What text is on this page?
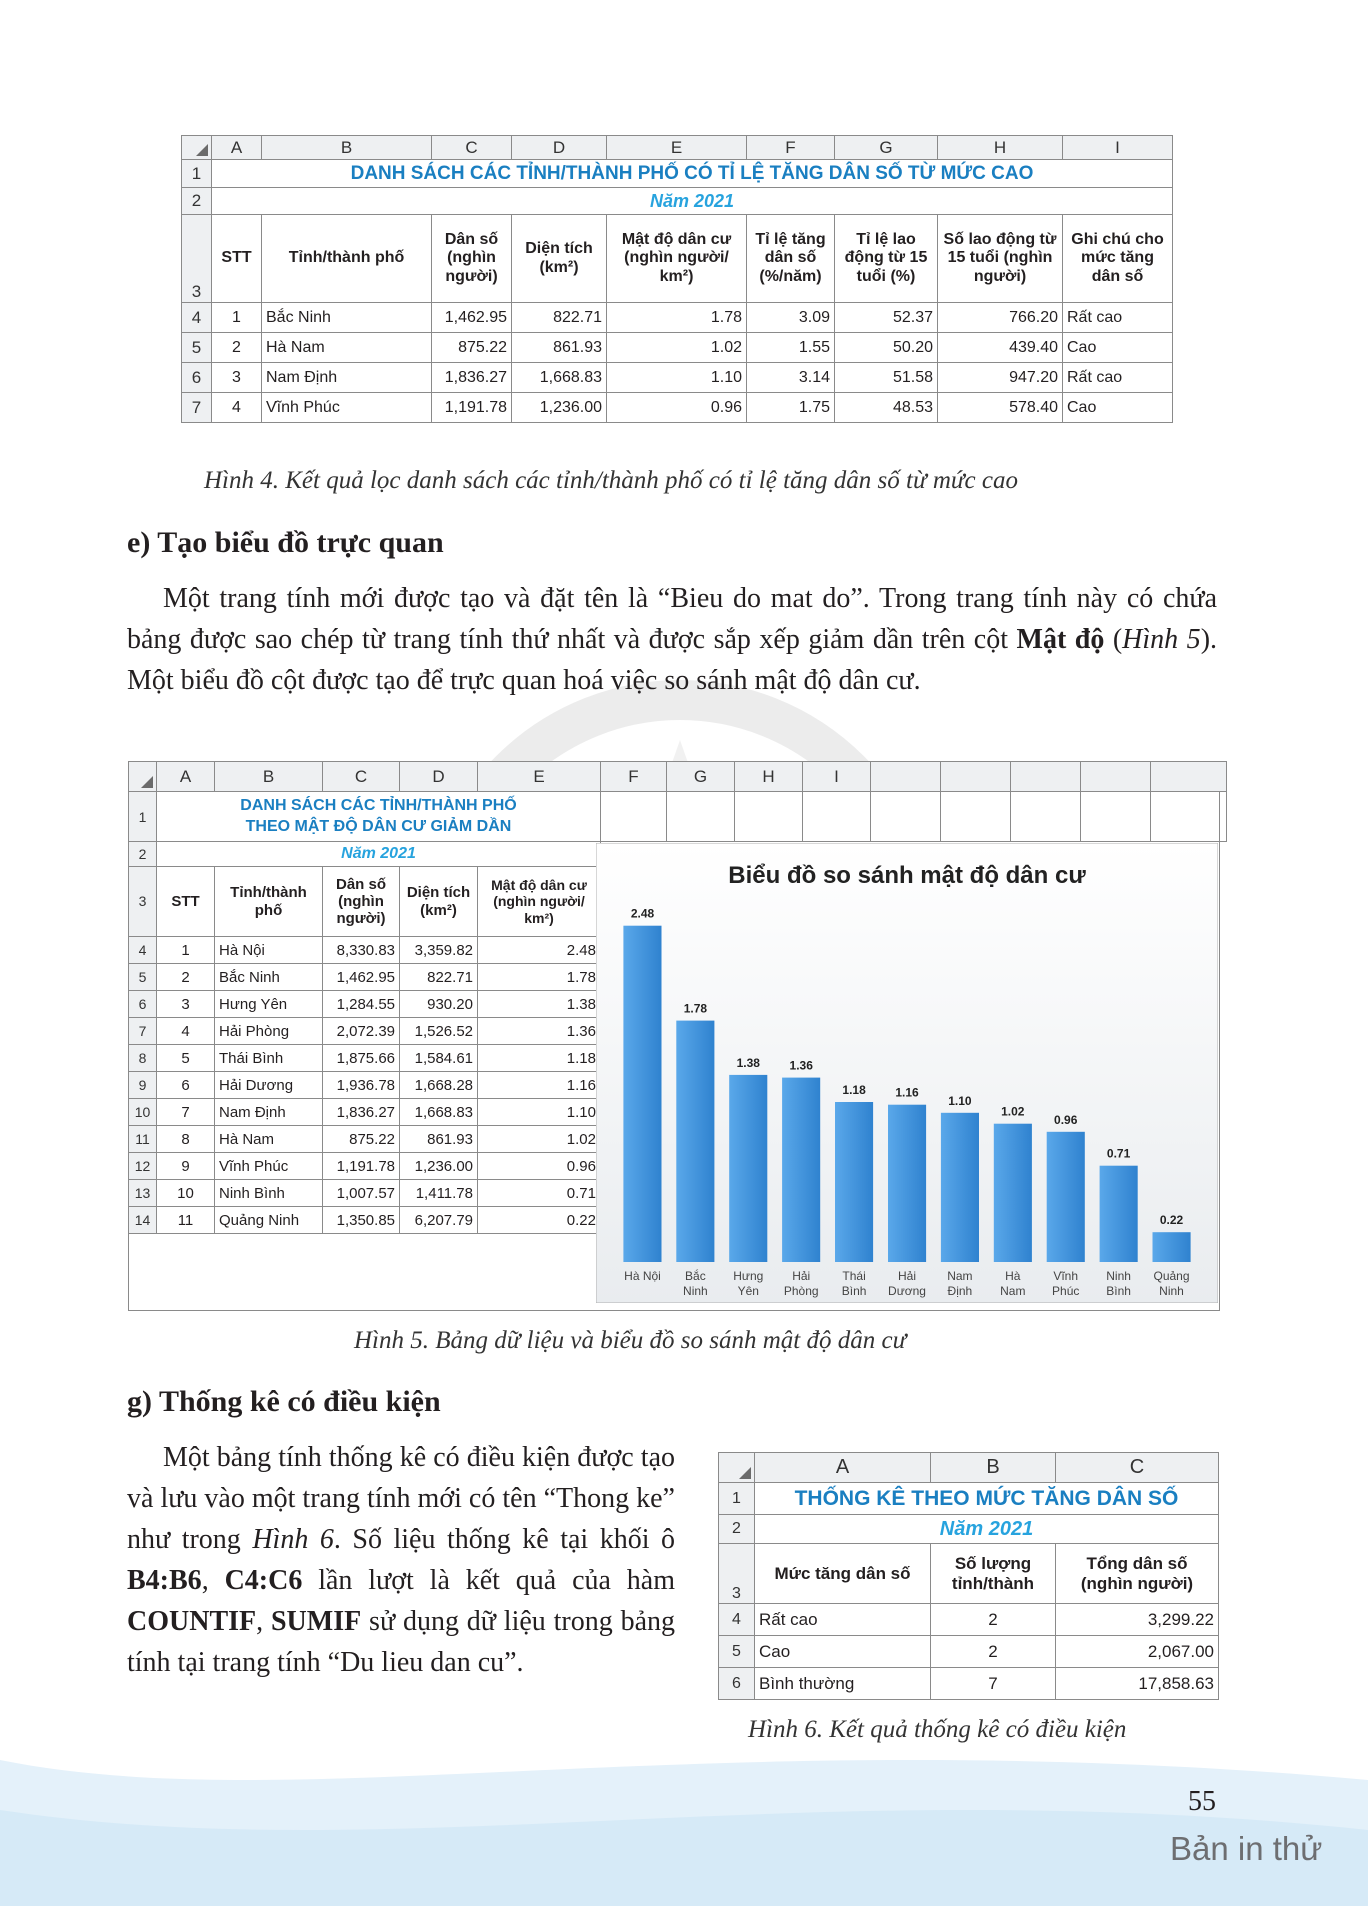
	A	B	C	D	E	F	G	H	I
1	DANH SÁCH CÁC TỈNH/THÀNH PHỐ CÓ TỈ LỆ TĂNG DÂN SỐ TỪ MỨC CAO								
2	Năm 2021								
3	STT	Tỉnh/thành phố	Dân số (nghìn người)	Diện tích (km²)	Mật độ dân cư (nghìn người/ km²)	Tỉ lệ tăng dân số (%/năm)	Tỉ lệ lao động từ 15 tuổi (%)	Số lao động từ 15 tuổi (nghìn người)	Ghi chú cho mức tăng dân số
4	1	Bắc Ninh	1,462.95	822.71	1.78	3.09	52.37	766.20	Rất cao
5	2	Hà Nam	875.22	861.93	1.02	1.55	50.20	439.40	Cao
6	3	Nam Định	1,836.27	1,668.83	1.10	3.14	51.58	947.20	Rất cao
7	4	Vĩnh Phúc	1,191.78	1,236.00	0.96	1.75	48.53	578.40	Cao
Hình 4. Kết quả lọc danh sách các tỉnh/thành phố có tỉ lệ tăng dân số từ mức cao
e) Tạo biểu đồ trực quan
Một trang tính mới được tạo và đặt tên là “Bieu do mat do”. Trong trang tính này có chứa bảng được sao chép từ trang tính thứ nhất và được sắp xếp giảm dần trên cột Mật độ (Hình 5). Một biểu đồ cột được tạo để trực quan hoá việc so sánh mật độ dân cư.
	A	B	C	D	E	F	G	H	I					
1	DANH SÁCH CÁC TỈNH/THÀNH PHỐ
THEO MẬT ĐỘ DÂN CƯ GIẢM DẦN													
2	Năm 2021													
3	STT	Tỉnh/thành phố	Dân số (nghìn người)	Diện tích (km²)	Mật độ dân cư (nghìn người/ km²)									
4	1	Hà Nội	8,330.83	3,359.82	2.48									
5	2	Bắc Ninh	1,462.95	822.71	1.78									
6	3	Hưng Yên	1,284.55	930.20	1.38									
7	4	Hải Phòng	2,072.39	1,526.52	1.36									
8	5	Thái Bình	1,875.66	1,584.61	1.18									
9	6	Hải Dương	1,936.78	1,668.28	1.16									
10	7	Nam Định	1,836.27	1,668.83	1.10									
11	8	Hà Nam	875.22	861.93	1.02									
12	9	Vĩnh Phúc	1,191.78	1,236.00	0.96									
13	10	Ninh Bình	1,007.57	1,411.78	0.71									
14	11	Quảng Ninh	1,350.85	6,207.79	0.22									
Biểu đồ so sánh mật độ dân cư
2.48
Hà Nội
1.78
Bắc
Ninh
1.38
Hưng
Yên
1.36
Hải
Phòng
1.18
Thái
Bình
1.16
Hải
Dương
1.10
Nam
Định
1.02
Hà
Nam
0.96
Vĩnh
Phúc
0.71
Ninh
Bình
0.22
Quảng
Ninh
Hình 5. Bảng dữ liệu và biểu đồ so sánh mật độ dân cư
g) Thống kê có điều kiện
Một bảng tính thống kê có điều kiện được tạo và lưu vào một trang tính mới có tên “Thong ke” như trong Hình 6. Số liệu thống kê tại khối ô B4:B6, C4:C6 lần lượt là kết quả của hàm COUNTIF, SUMIF sử dụng dữ liệu trong bảng tính tại trang tính “Du lieu dan cu”.
	A	B	C
1	THỐNG KÊ THEO MỨC TĂNG DÂN SỐ		
2	Năm 2021		
3	Mức tăng dân số	Số lượng tỉnh/thành	Tổng dân số (nghìn người)
4	Rất cao	2	3,299.22
5	Cao	2	2,067.00
6	Bình thường	7	17,858.63
Hình 6. Kết quả thống kê có điều kiện
55
Bản in thử
